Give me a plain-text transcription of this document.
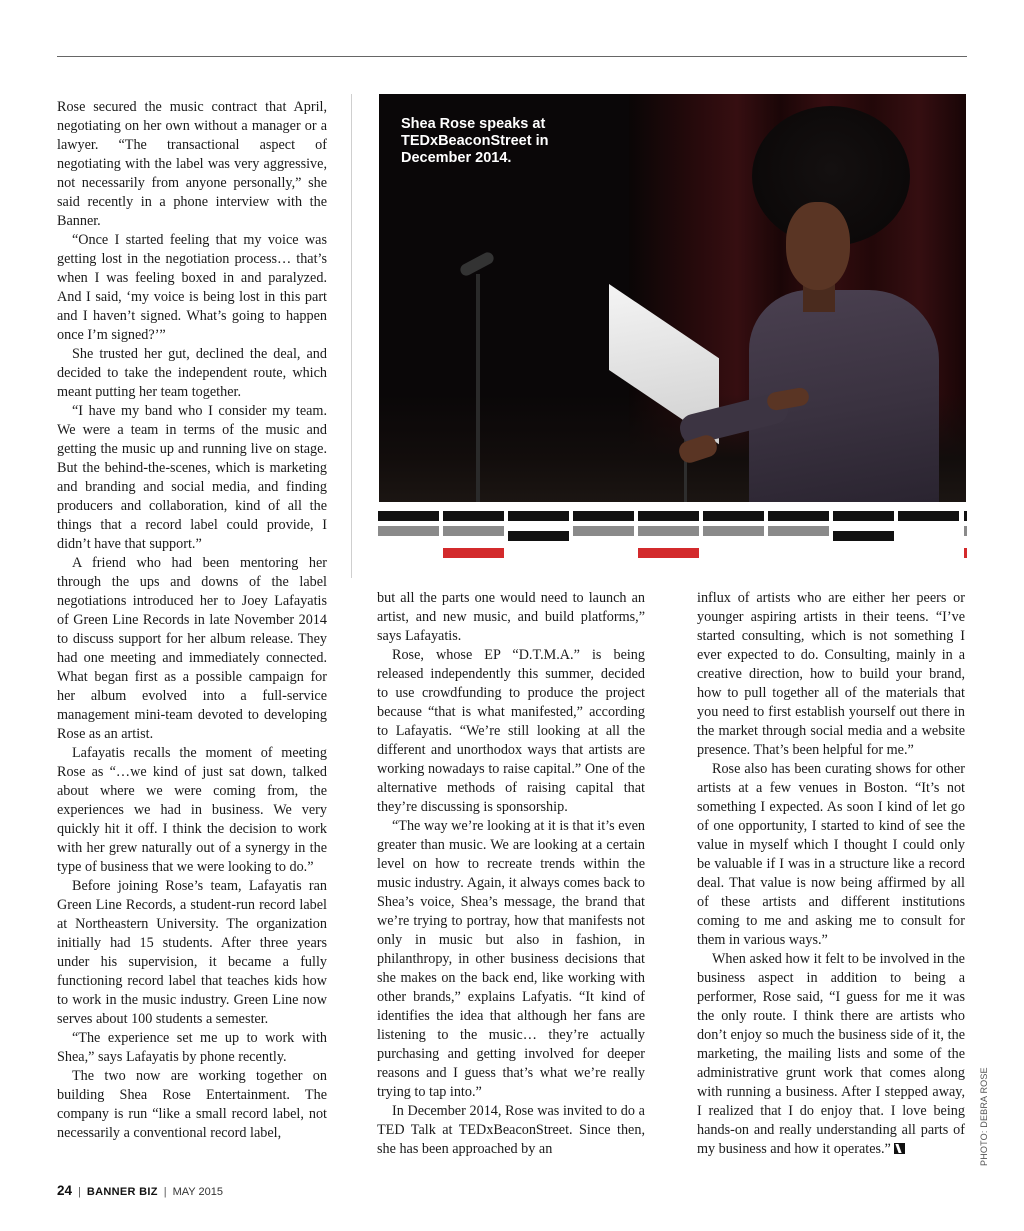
Rose secured the music contract that April, negotiating on her own without a manager or a lawyer. “The transactional aspect of negotiating with the label was very aggressive, not necessarily from anyone personally,” she said recently in a phone interview with the Banner.

“Once I started feeling that my voice was getting lost in the negotiation process… that’s when I was feeling boxed in and paralyzed. And I said, ‘my voice is being lost in this part and I haven’t signed. What’s going to happen once I’m signed?’”

She trusted her gut, declined the deal, and decided to take the independent route, which meant putting her team together.

“I have my band who I consider my team. We were a team in terms of the music and getting the music up and running live on stage. But the behind-the-scenes, which is marketing and branding and social media, and finding producers and collaboration, kind of all the things that a record label could provide, I didn’t have that support.”

A friend who had been mentoring her through the ups and downs of the label negotiations introduced her to Joey Lafayatis of Green Line Records in late November 2014 to discuss support for her album release. They had one meeting and immediately connected. What began first as a possible campaign for her album evolved into a full-service management mini-team devoted to developing Rose as an artist.

Lafayatis recalls the moment of meeting Rose as “…we kind of just sat down, talked about where we were coming from, the experiences we had in business. We very quickly hit it off. I think the decision to work with her grew naturally out of a synergy in the type of business that we were looking to do.”

Before joining Rose’s team, Lafayatis ran Green Line Records, a student-run record label at Northeastern University. The organization initially had 15 students. After three years under his supervision, it became a fully functioning record label that teaches kids how to work in the music industry. Green Line now serves about 100 students a semester.

“The experience set me up to work with Shea,” says Lafayatis by phone recently.

The two now are working together on building Shea Rose Entertainment. The company is run “like a small record label, not necessarily a conventional record label,

Shea Rose speaks at TEDxBeaconStreet in December 2014.

but all the parts one would need to launch an artist, and new music, and build platforms,” says Lafayatis.

Rose, whose EP “D.T.M.A.” is being released independently this summer, decided to use crowdfunding to produce the project because “that is what manifested,” according to Lafayatis. “We’re still looking at all the different and unorthodox ways that artists are working nowadays to raise capital.” One of the alternative methods of raising capital that they’re discussing is sponsorship.

“The way we’re looking at it is that it’s even greater than music. We are looking at a certain level on how to recreate trends within the music industry. Again, it always comes back to Shea’s voice, Shea’s message, the brand that we’re trying to portray, how that manifests not only in music but also in fashion, in philanthropy, in other business decisions that she makes on the back end, like working with other brands,” explains Lafyatis. “It kind of identifies the idea that although her fans are listening to the music… they’re actually purchasing and getting involved for deeper reasons and I guess that’s what we’re really trying to tap into.”

In December 2014, Rose was invited to do a TED Talk at TEDxBeaconStreet. Since then, she has been approached by an

influx of artists who are either her peers or younger aspiring artists in their teens. “I’ve started consulting, which is not something I ever expected to do. Consulting, mainly in a creative direction, how to build your brand, how to pull together all of the materials that you need to first establish yourself out there in the market through social media and a website presence. That’s been helpful for me.”

Rose also has been curating shows for other artists at a few venues in Boston. “It’s not something I expected. As soon I kind of let go of one opportunity, I started to kind of see the value in myself which I thought I could only be valuable if I was in a structure like a record deal. That value is now being affirmed by all of these artists and different institutions coming to me and asking me to consult for them in various ways.”

When asked how it felt to be involved in the business aspect in addition to being a performer, Rose said, “I guess for me it was the only route. I think there are artists who don’t enjoy so much the business side of it, the marketing, the mailing lists and some of the administrative grunt work that comes along with running a business. After I stepped away, I realized that I do enjoy that. I love being hands-on and really understanding all parts of my business and how it operates.”	PHOTO: DEBRA ROSE
24 | BANNER BIZ | MAY 2015
